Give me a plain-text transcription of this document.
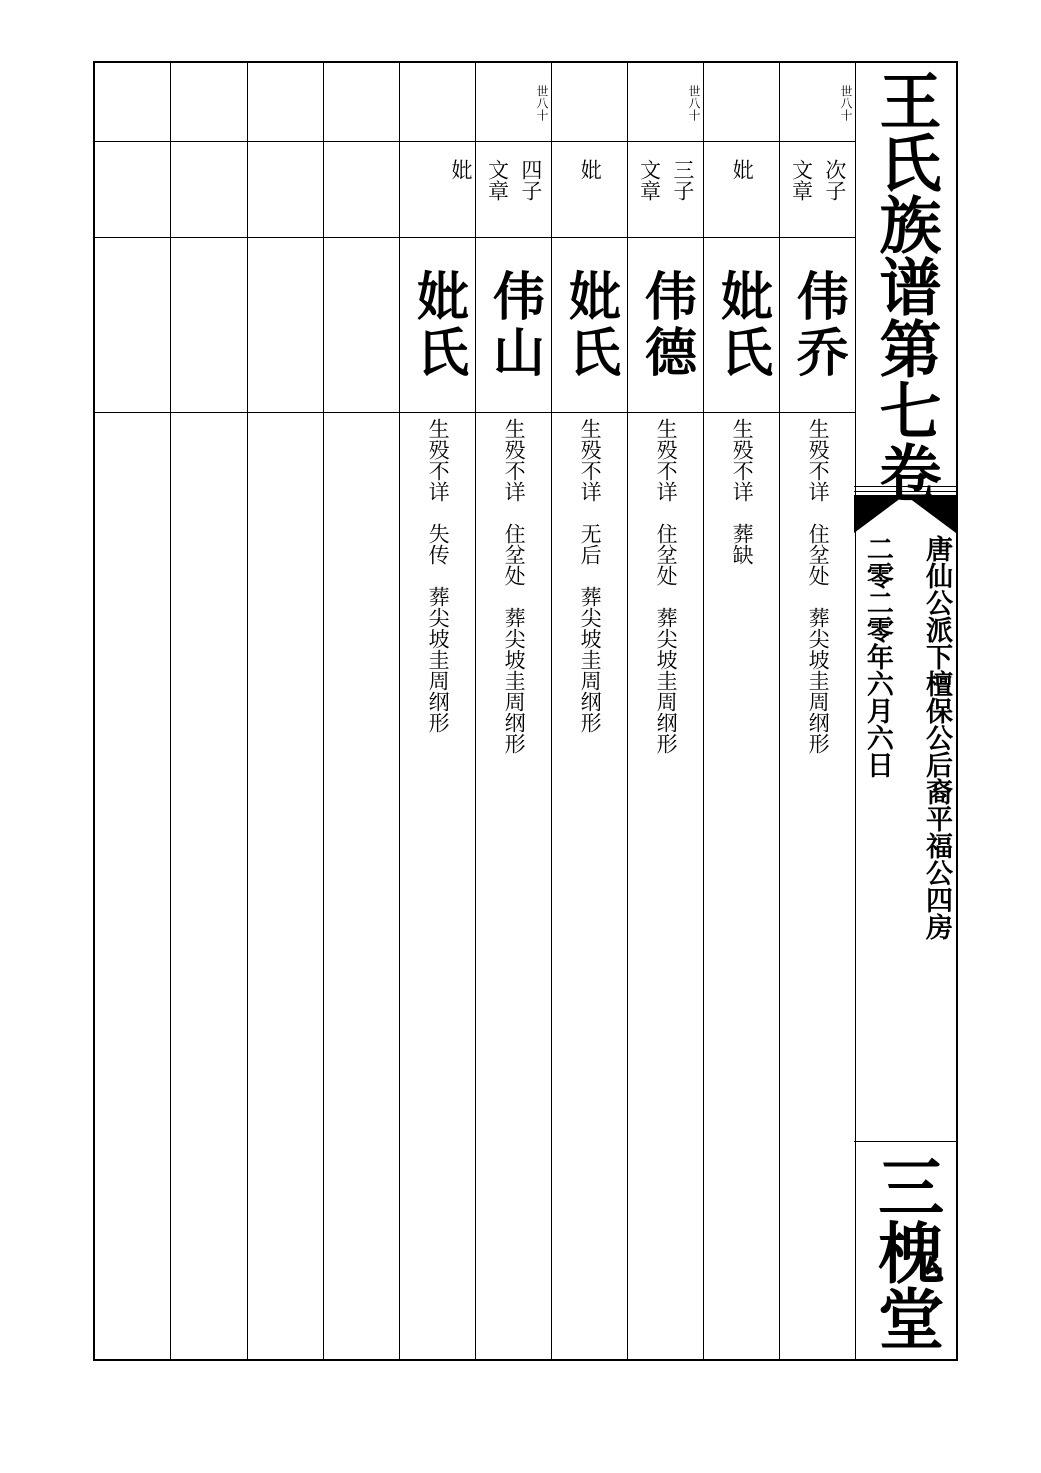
妣
妣氏
生殁不详　失传　葬尖坡圭周纲形
世八十
文章 四子
伟山
生殁不详　住坌处　葬尖坡圭周纲形
妣
妣氏
生殁不详　无后　葬尖坡圭周纲形
世八十
文章 三子
伟德
生殁不详　住坌处　葬尖坡圭周纲形
妣
妣氏
生殁不详　葬缺
世八十
文章 次子
伟乔
生殁不详　住坌处　葬尖坡圭周纲形
王氏族谱第七卷
唐仙公派下檀保公后裔平福公四房
二零二零年六月六日
三槐堂
